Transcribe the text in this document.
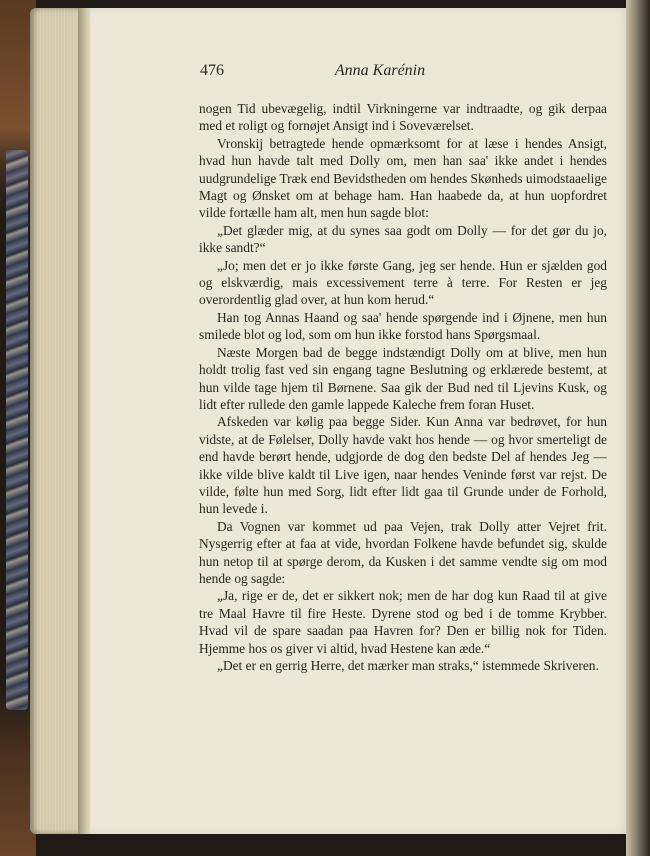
476	Anna Karénin

nogen Tid ubevægelig, indtil Virkningerne var indtraadte, og gik derpaa med et roligt og fornøjet Ansigt ind i Soveværelset.

Vronskij betragtede hende opmærksomt for at læse i hendes Ansigt, hvad hun havde talt med Dolly om, men han saa' ikke andet i hendes uudgrundelige Træk end Bevidstheden om hendes Skønheds uimodstaaelige Magt og Ønsket om at behage ham. Han haabede da, at hun uopfordret vilde fortælle ham alt, men hun sagde blot:

„Det glæder mig, at du synes saa godt om Dolly — for det gør du jo, ikke sandt?“

„Jo; men det er jo ikke første Gang, jeg ser hende. Hun er sjælden god og elskværdig, mais excessivement terre à terre. For Resten er jeg overordentlig glad over, at hun kom herud.“

Han tog Annas Haand og saa' hende spørgende ind i Øjnene, men hun smilede blot og lod, som om hun ikke forstod hans Spørgsmaal.

Næste Morgen bad de begge indstændigt Dolly om at blive, men hun holdt trolig fast ved sin engang tagne Beslutning og erklærede bestemt, at hun vilde tage hjem til Børnene. Saa gik der Bud ned til Ljevins Kusk, og lidt efter rullede den gamle lappede Kaleche frem foran Huset.

Afskeden var kølig paa begge Sider. Kun Anna var bedrøvet, for hun vidste, at de Følelser, Dolly havde vakt hos hende — og hvor smerteligt de end havde berørt hende, udgjorde de dog den bedste Del af hendes Jeg — ikke vilde blive kaldt til Live igen, naar hendes Veninde først var rejst. De vilde, følte hun med Sorg, lidt efter lidt gaa til Grunde under de Forhold, hun levede i.

Da Vognen var kommet ud paa Vejen, trak Dolly atter Vejret frit. Nysgerrig efter at faa at vide, hvordan Folkene havde befundet sig, skulde hun netop til at spørge derom, da Kusken i det samme vendte sig om mod hende og sagde:

„Ja, rige er de, det er sikkert nok; men de har dog kun Raad til at give tre Maal Havre til fire Heste. Dyrene stod og bed i de tomme Krybber. Hvad vil de spare saadan paa Havren for? Den er billig nok for Tiden. Hjemme hos os giver vi altid, hvad Hestene kan æde.“

„Det er en gerrig Herre, det mærker man straks,“ istemmede Skriveren.
